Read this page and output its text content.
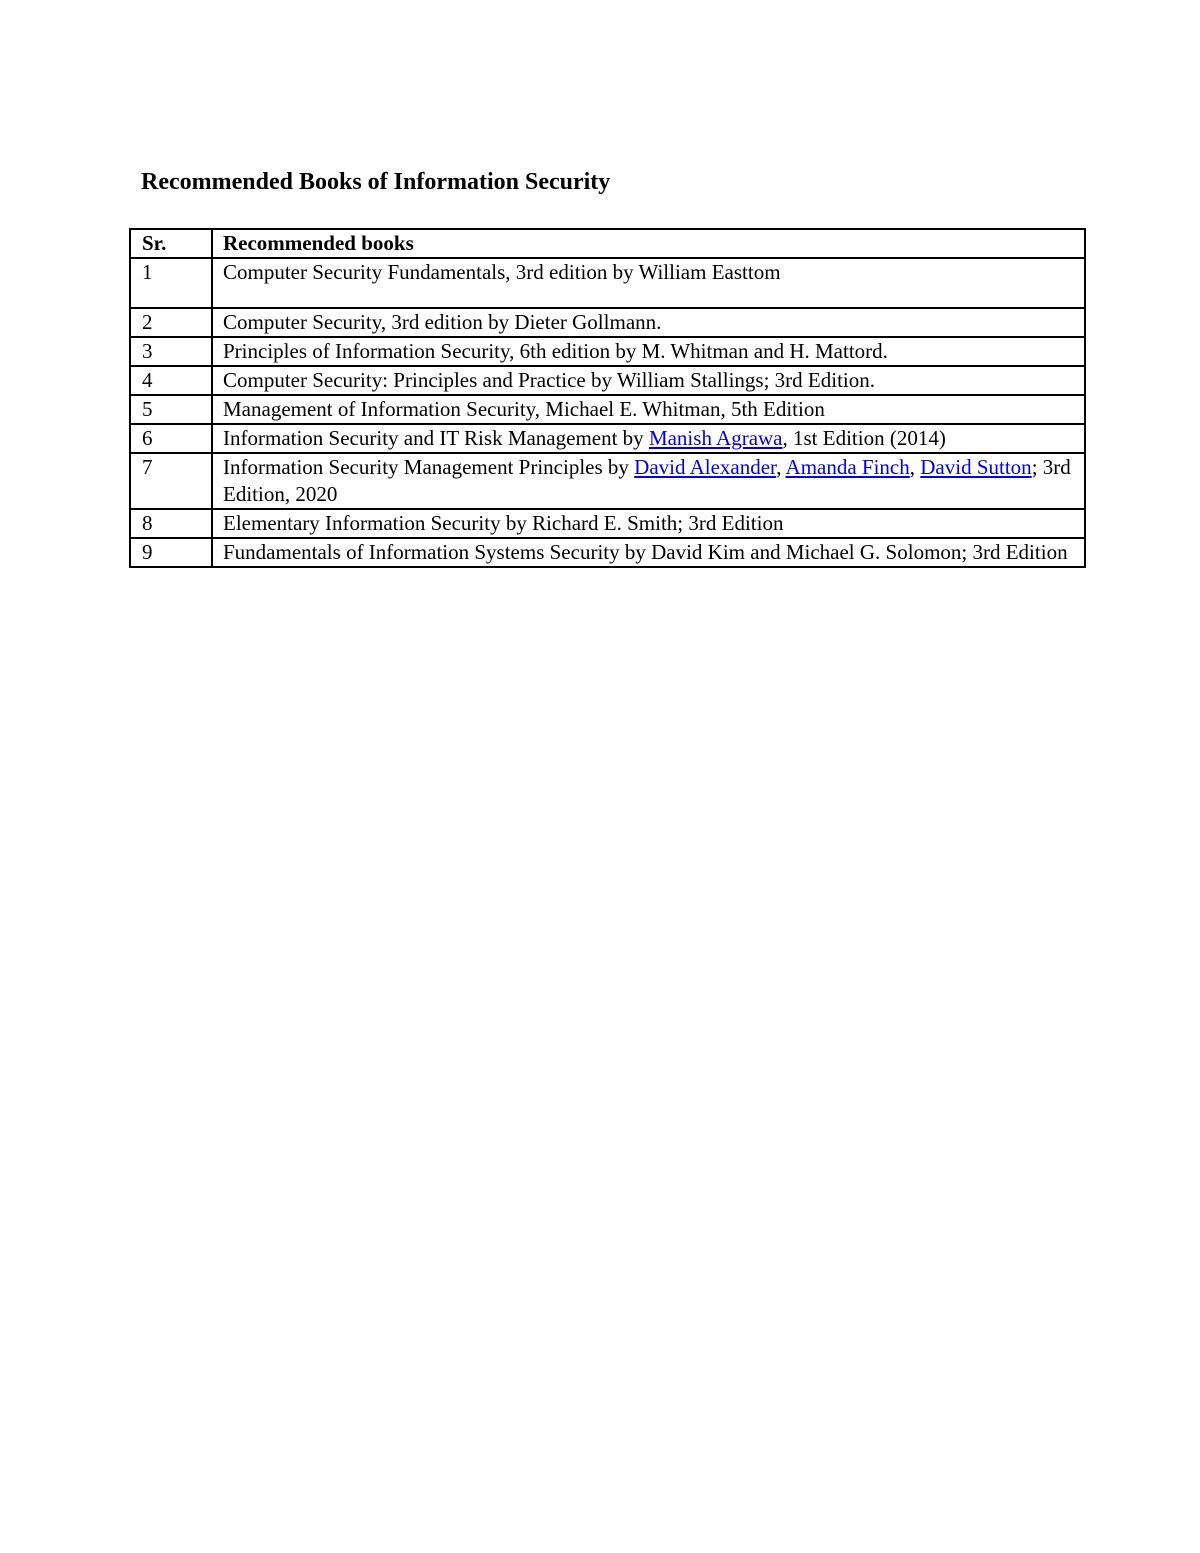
Recommended Books of Information Security
Sr.	Recommended books
1	Computer Security Fundamentals, 3rd edition by William Easttom
2	Computer Security, 3rd edition by Dieter Gollmann.
3	Principles of Information Security, 6th edition by M. Whitman and H. Mattord.
4	Computer Security: Principles and Practice by William Stallings; 3rd Edition.
5	Management of Information Security, Michael E. Whitman, 5th Edition
6	Information Security and IT Risk Management by Manish Agrawa, 1st Edition (2014)
7	Information Security Management Principles by David Alexander, Amanda Finch, David Sutton; 3rd Edition, 2020
8	Elementary Information Security by Richard E. Smith; 3rd Edition
9	Fundamentals of Information Systems Security by David Kim and Michael G. Solomon; 3rd Edition
